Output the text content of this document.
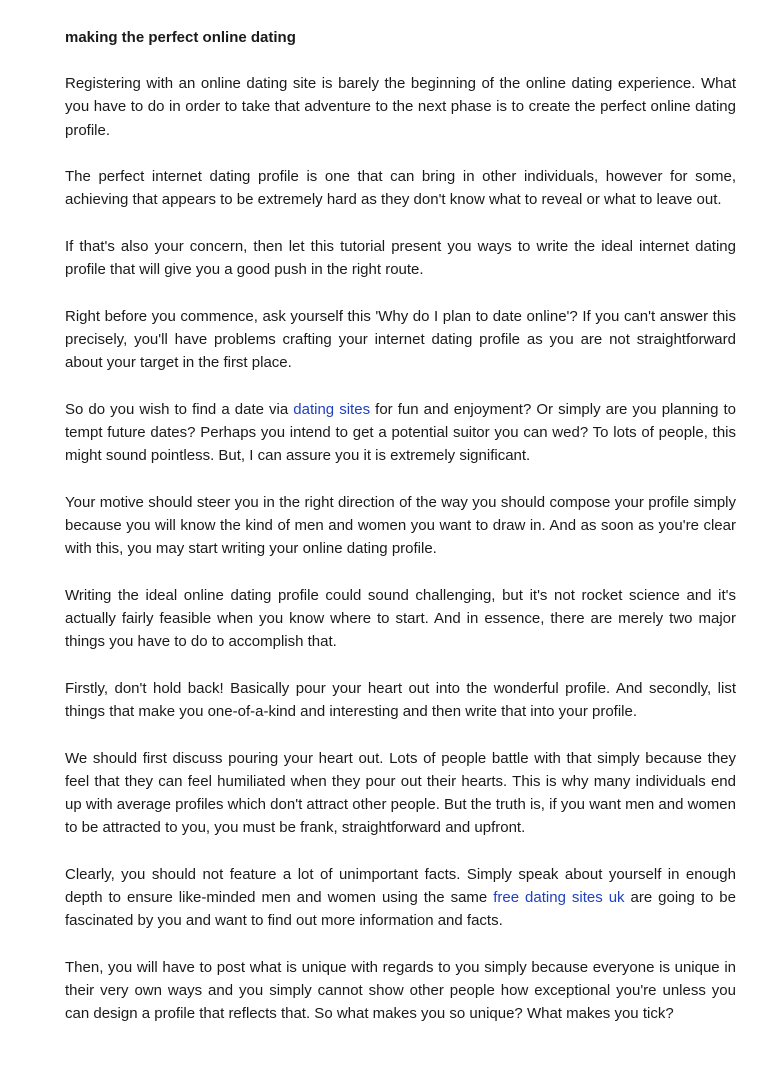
making the perfect online dating

Registering with an online dating site is barely the beginning of the online dating experience. What you have to do in order to take that adventure to the next phase is to create the perfect online dating profile.

The perfect internet dating profile is one that can bring in other individuals, however for some, achieving that appears to be extremely hard as they don't know what to reveal or what to leave out.

If that's also your concern, then let this tutorial present you ways to write the ideal internet dating profile that will give you a good push in the right route.

Right before you commence, ask yourself this 'Why do I plan to date online'? If you can't answer this precisely, you'll have problems crafting your internet dating profile as you are not straightforward about your target in the first place.

So do you wish to find a date via dating sites for fun and enjoyment? Or simply are you planning to tempt future dates? Perhaps you intend to get a potential suitor you can wed? To lots of people, this might sound pointless. But, I can assure you it is extremely significant.

Your motive should steer you in the right direction of the way you should compose your profile simply because you will know the kind of men and women you want to draw in. And as soon as you're clear with this, you may start writing your online dating profile.

Writing the ideal online dating profile could sound challenging, but it's not rocket science and it's actually fairly feasible when you know where to start. And in essence, there are merely two major things you have to do to accomplish that.

Firstly, don't hold back! Basically pour your heart out into the wonderful profile. And secondly, list things that make you one-of-a-kind and interesting and then write that into your profile.

We should first discuss pouring your heart out. Lots of people battle with that simply because they feel that they can feel humiliated when they pour out their hearts. This is why many individuals end up with average profiles which don't attract other people. But the truth is, if you want men and women to be attracted to you, you must be frank, straightforward and upfront.

Clearly, you should not feature a lot of unimportant facts. Simply speak about yourself in enough depth to ensure like-minded men and women using the same free dating sites uk are going to be fascinated by you and want to find out more information and facts.

Then, you will have to post what is unique with regards to you simply because everyone is unique in their very own ways and you simply cannot show other people how exceptional you're unless you can design a profile that reflects that. So what makes you so unique? What makes you tick?
